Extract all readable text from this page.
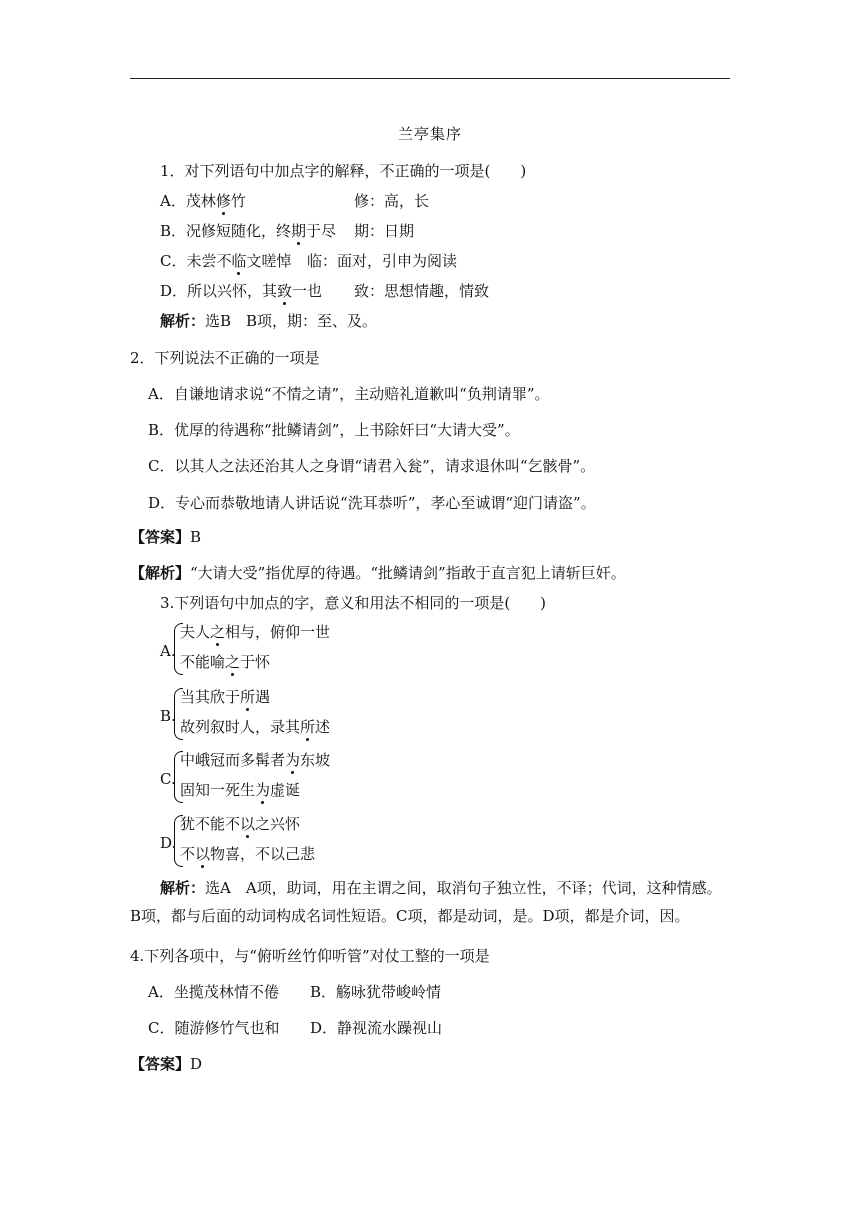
兰亭集序
1．对下列语句中加点字的解释，不正确的一项是(　　)
A．茂林修竹	修：高，长
B．况修短随化，终期于尽 期：日期
C．未尝不临文嗟悼 临：面对，引申为阅读
D．所以兴怀，其致一也 致：思想情趣，情致
解析：选B　B项，期：至、及。
2．下列说法不正确的一项是
A．自谦地请求说“不情之请”，主动赔礼道歉叫“负荆请罪”。
B．优厚的待遇称“批鳞请剑”，上书除奸曰“大请大受”。
C．以其人之法还治其人之身谓“请君入瓮”，请求退休叫“乞骸骨”。
D．专心而恭敬地请人讲话说“洗耳恭听”，孝心至诚谓“迎门请盗”。
【答案】B
【解析】“大请大受”指优厚的待遇。“批鳞请剑”指敢于直言犯上请斩巨奸。
3.下列语句中加点的字，意义和用法不相同的一项是(　　)
A.
夫人之相与，俯仰一世
不能喻之于怀
B.
当其欣于所遇
故列叙时人，录其所述
C.
中峨冠而多髯者为东坡
固知一死生为虚诞
D.
犹不能不以之兴怀
不以物喜，不以己悲
解析：选A　A项，助词，用在主谓之间，取消句子独立性，不译；代词，这种情感。
B项，都与后面的动词构成名词性短语。C项，都是动词，是。D项，都是介词，因。
4.下列各项中，与“俯听丝竹仰听管”对仗工整的一项是
A．坐揽茂林情不倦 B．觞咏犹带峻岭情
C．随游修竹气也和 D．静视流水躁视山
【答案】D
